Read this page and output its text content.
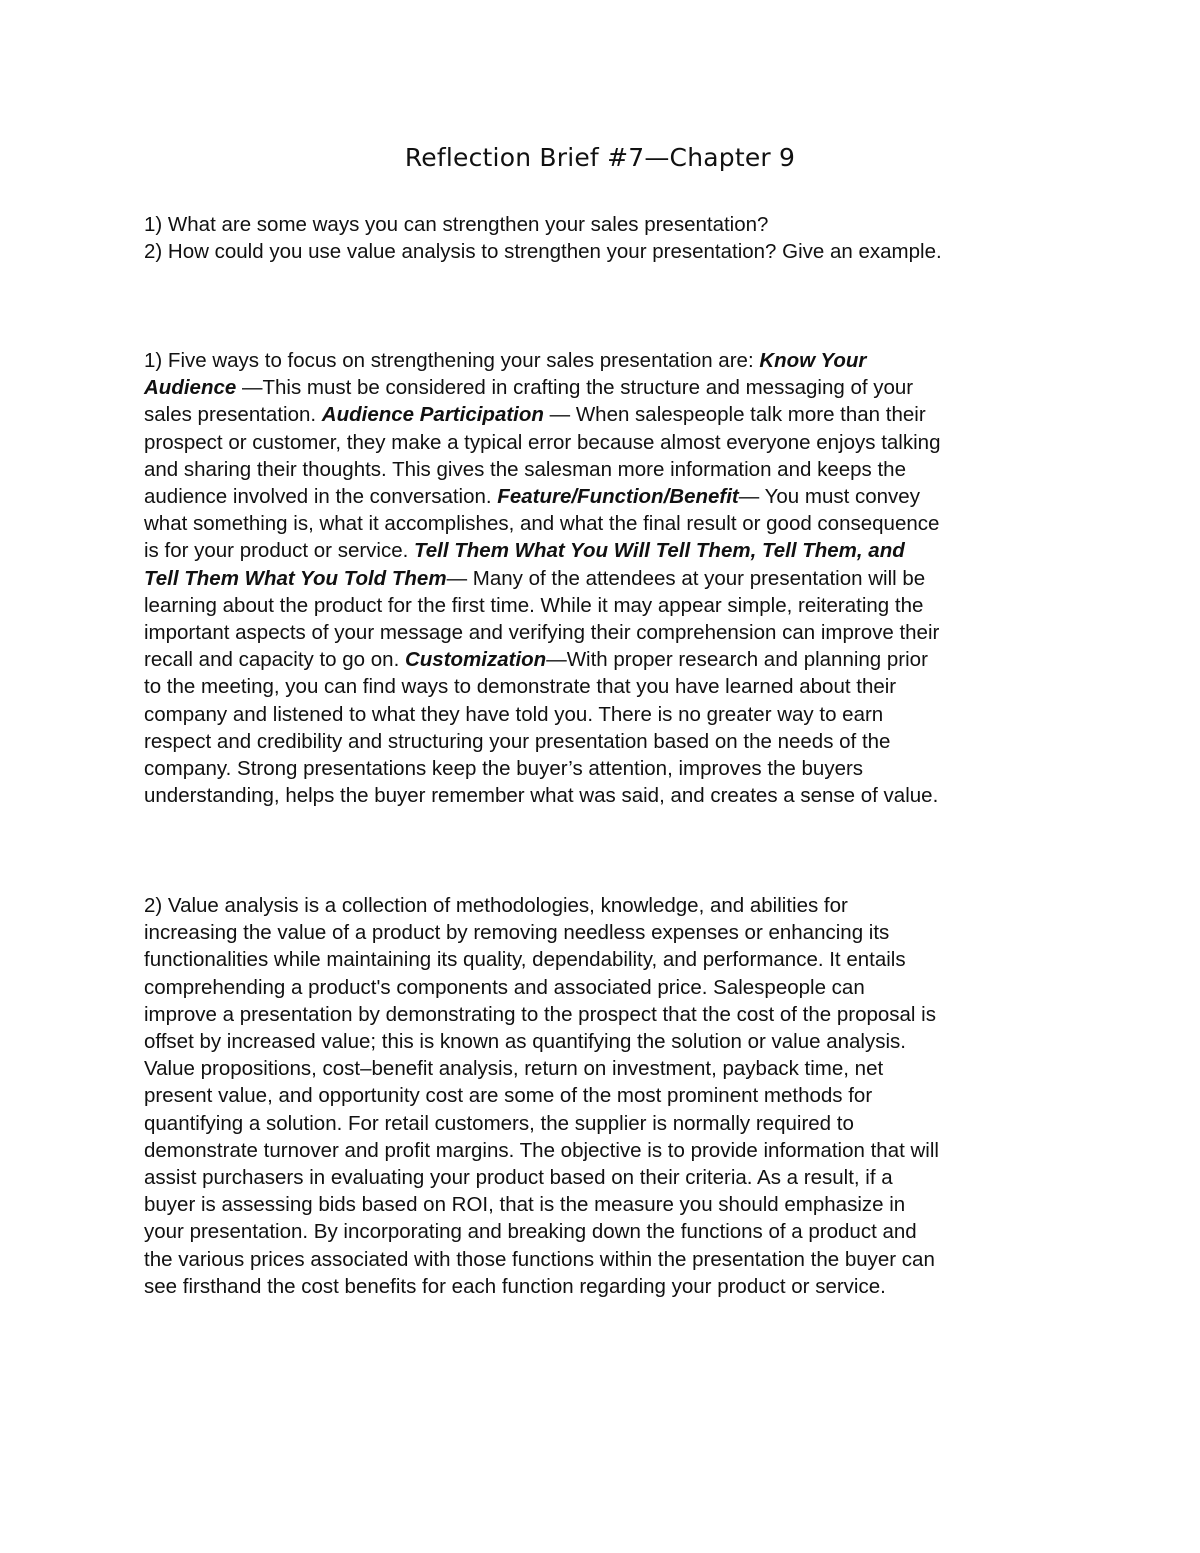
Reflection Brief #7—Chapter 9
1) What are some ways you can strengthen your sales presentation?
2) How could you use value analysis to strengthen your presentation? Give an example.
1) Five ways to focus on strengthening your sales presentation are: Know Your
Audience —This must be considered in crafting the structure and messaging of your
sales presentation. Audience Participation — When salespeople talk more than their
prospect or customer, they make a typical error because almost everyone enjoys talking
and sharing their thoughts. This gives the salesman more information and keeps the
audience involved in the conversation. Feature/Function/Benefit— You must convey
what something is, what it accomplishes, and what the final result or good consequence
is for your product or service. Tell Them What You Will Tell Them, Tell Them, and
Tell Them What You Told Them— Many of the attendees at your presentation will be
learning about the product for the first time. While it may appear simple, reiterating the
important aspects of your message and verifying their comprehension can improve their
recall and capacity to go on. Customization—With proper research and planning prior
to the meeting, you can find ways to demonstrate that you have learned about their
company and listened to what they have told you. There is no greater way to earn
respect and credibility and structuring your presentation based on the needs of the
company. Strong presentations keep the buyer’s attention, improves the buyers
understanding, helps the buyer remember what was said, and creates a sense of value.
2) Value analysis is a collection of methodologies, knowledge, and abilities for
increasing the value of a product by removing needless expenses or enhancing its
functionalities while maintaining its quality, dependability, and performance. It entails
comprehending a product's components and associated price. Salespeople can
improve a presentation by demonstrating to the prospect that the cost of the proposal is
offset by increased value; this is known as quantifying the solution or value analysis.
Value propositions, cost–benefit analysis, return on investment, payback time, net
present value, and opportunity cost are some of the most prominent methods for
quantifying a solution. For retail customers, the supplier is normally required to
demonstrate turnover and profit margins. The objective is to provide information that will
assist purchasers in evaluating your product based on their criteria. As a result, if a
buyer is assessing bids based on ROI, that is the measure you should emphasize in
your presentation. By incorporating and breaking down the functions of a product and
the various prices associated with those functions within the presentation the buyer can
see firsthand the cost benefits for each function regarding your product or service.
